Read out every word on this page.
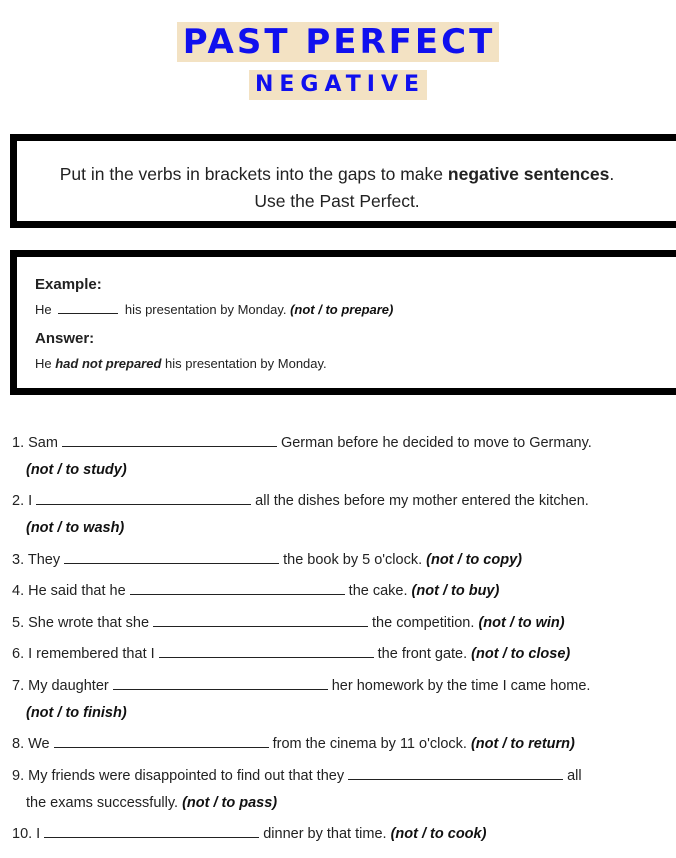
PAST PERFECT
NEGATIVE
Put in the verbs in brackets into the gaps to make negative sentences.
Use the Past Perfect.
Example:
He	his presentation by Monday. (not / to prepare)
Answer:
He had not prepared his presentation by Monday.
1. Sam	German before he decided to move to Germany.
(not / to study)
2. I	all the dishes before my mother entered the kitchen.
(not / to wash)
3. They	the book by 5 o'clock. (not / to copy)
4. He said that he	the cake. (not / to buy)
5. She wrote that she	the competition. (not / to win)
6. I remembered that I	the front gate. (not / to close)
7. My daughter	her homework by the time I came home.
(not / to finish)
8. We	from the cinema by 11 o'clock. (not / to return)
9. My friends were disappointed to find out that they	all
the exams successfully. (not / to pass)
10. I	dinner by that time. (not / to cook)
